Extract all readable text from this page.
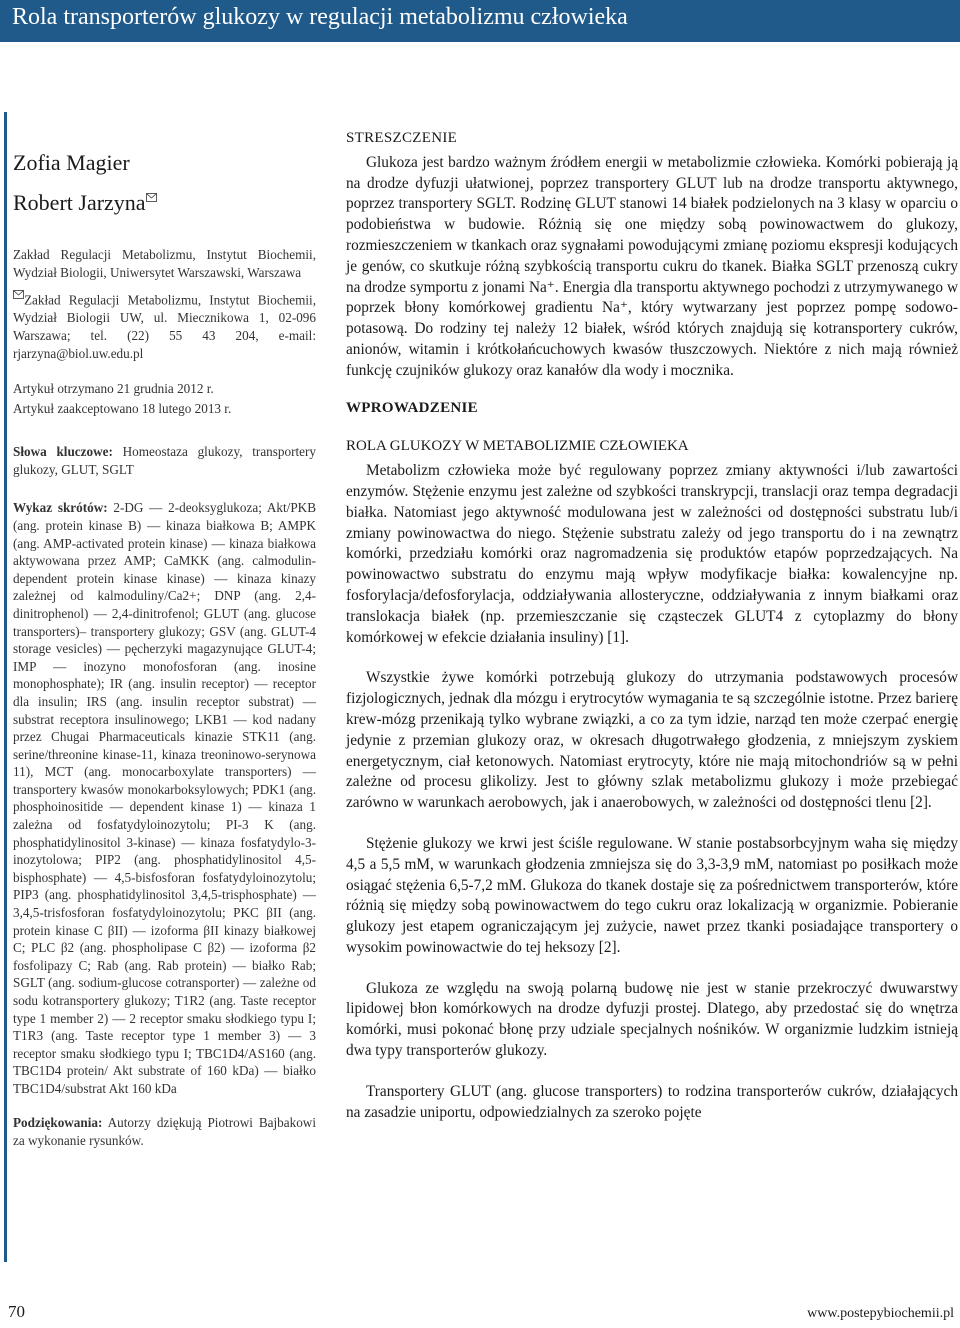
Rola transporterów glukozy w regulacji metabolizmu człowieka
Zofia Magier
Robert Jarzyna
Zakład Regulacji Metabolizmu, Instytut Biochemii, Wydział Biologii, Uniwersytet Warszawski, Warszawa
Zakład Regulacji Metabolizmu, Instytut Biochemii, Wydział Biologii UW, ul. Miecznikowa 1, 02-096 Warszawa; tel. (22) 55 43 204, e-mail: rjarzyna@biol.uw.edu.pl
Artykuł otrzymano 21 grudnia 2012 r.
Artykuł zaakceptowano 18 lutego 2013 r.
Słowa kluczowe: Homeostaza glukozy, transportery glukozy, GLUT, SGLT
Wykaz skrótów: 2-DG — 2-deoksyglukoza; Akt/PKB (ang. protein kinase B) — kinaza białkowa B; AMPK (ang. AMP-activated protein kinase) — kinaza białkowa aktywowana przez AMP; CaMKK (ang. calmodulin-dependent protein kinase kinase) — kinaza kinazy zależnej od kalmoduliny/Ca2+; DNP (ang. 2,4-dinitrophenol) — 2,4-dinitrofenol; GLUT (ang. glucose transporters)– transportery glukozy; GSV (ang. GLUT-4 storage vesicles) — pęcherzyki magazynujące GLUT-4; IMP — inozyno monofosforan (ang. inosine monophosphate); IR (ang. insulin receptor) — receptor dla insulin; IRS (ang. insulin receptor substrat) — substrat receptora insulinowego; LKB1 — kod nadany przez Chugai Pharmaceuticals kinazie STK11 (ang. serine/threonine kinase-11, kinaza treoninowo-serynowa 11), MCT (ang. monocarboxylate transporters) — transportery kwasów monokarboksylowych; PDK1 (ang. phosphoinositide — dependent kinase 1) — kinaza 1 zależna od fosfatydyloinozytolu; PI-3 K (ang. phosphatidylinositol 3-kinase) — kinaza fosfatydylo-3-inozytolowa; PIP2 (ang. phosphatidylinositol 4,5-bisphosphate) — 4,5-bisfosforan fosfatydyloinozytolu; PIP3 (ang. phosphatidylinositol 3,4,5-trisphosphate) — 3,4,5-trisfosforan fosfatydyloinozytolu; PKC βII (ang. protein kinase C βII) — izoforma βII kinazy białkowej C; PLC β2 (ang. phospholipase C β2) — izoforma β2 fosfolipazy C; Rab (ang. Rab protein) — białko Rab; SGLT (ang. sodium-glucose cotransporter) — zależne od sodu kotransportery glukozy; T1R2 (ang. Taste receptor type 1 member 2) — 2 receptor smaku słodkiego typu I; T1R3 (ang. Taste receptor type 1 member 3) — 3 receptor smaku słodkiego typu I; TBC1D4/AS160 (ang. TBC1D4 protein/ Akt substrate of 160 kDa) — białko TBC1D4/substrat Akt 160 kDa
Podziękowania: Autorzy dziękują Piotrowi Bajbakowi za wykonanie rysunków.
STRESZCZENIE

Glukoza jest bardzo ważnym źródłem energii w metabolizmie człowieka. Komórki pobierają ją na drodze dyfuzji ułatwionej, poprzez transportery GLUT lub na drodze transportu aktywnego, poprzez transportery SGLT. Rodzinę GLUT stanowi 14 białek podzielonych na 3 klasy w oparciu o podobieństwa w budowie. Różnią się one między sobą powinowactwem do glukozy, rozmieszczeniem w tkankach oraz sygnałami powodującymi zmianę poziomu ekspresji kodujących je genów, co skutkuje różną szybkością transportu cukru do tkanek. Białka SGLT przenoszą cukry na drodze symportu z jonami Na⁺. Energia dla transportu aktywnego pochodzi z utrzymywanego w poprzek błony komórkowej gradientu Na⁺, który wytwarzany jest poprzez pompę sodowo-potasową. Do rodziny tej należy 12 białek, wśród których znajdują się kotransportery cukrów, anionów, witamin i krótkołańcuchowych kwasów tłuszczowych. Niektóre z nich mają również funkcję czujników glukozy oraz kanałów dla wody i mocznika.

WPROWADZENIE
ROLA GLUKOZY W METABOLIZMIE CZŁOWIEKA

Metabolizm człowieka może być regulowany poprzez zmiany aktywności i/lub zawartości enzymów. Stężenie enzymu jest zależne od szybkości transkrypcji, translacji oraz tempa degradacji białka. Natomiast jego aktywność modulowana jest w zależności od dostępności substratu lub/i zmiany powinowactwa do niego. Stężenie substratu zależy od jego transportu do i na zewnątrz komórki, przedziału komórki oraz nagromadzenia się produktów etapów poprzedzających. Na powinowactwo substratu do enzymu mają wpływ modyfikacje białka: kowalencyjne np. fosforylacja/defosforylacja, oddziaływania allosteryczne, oddziaływania z innym białkami oraz translokacja białek (np. przemieszczanie się cząsteczek GLUT4 z cytoplazmy do błony komórkowej w efekcie działania insuliny) [1].

Wszystkie żywe komórki potrzebują glukozy do utrzymania podstawowych procesów fizjologicznych, jednak dla mózgu i erytrocytów wymagania te są szczególnie istotne. Przez barierę krew-mózg przenikają tylko wybrane związki, a co za tym idzie, narząd ten może czerpać energię jedynie z przemian glukozy oraz, w okresach długotrwałego głodzenia, z mniejszym zyskiem energetycznym, ciał ketonowych. Natomiast erytrocyty, które nie mają mitochondriów są w pełni zależne od procesu glikolizy. Jest to główny szlak metabolizmu glukozy i może przebiegać zarówno w warunkach aerobowych, jak i anaerobowych, w zależności od dostępności tlenu [2].

Stężenie glukozy we krwi jest ściśle regulowane. W stanie postabsorbcyjnym waha się między 4,5 a 5,5 mM, w warunkach głodzenia zmniejsza się do 3,3-3,9 mM, natomiast po posiłkach może osiągać stężenia 6,5-7,2 mM. Glukoza do tkanek dostaje się za pośrednictwem transporterów, które różnią się między sobą powinowactwem do tego cukru oraz lokalizacją w organizmie. Pobieranie glukozy jest etapem ograniczającym jej zużycie, nawet przez tkanki posiadające transportery o wysokim powinowactwie do tej heksozy [2].

Glukoza ze względu na swoją polarną budowę nie jest w stanie przekroczyć dwuwarstwy lipidowej błon komórkowych na drodze dyfuzji prostej. Dlatego, aby przedostać się do wnętrza komórki, musi pokonać błonę przy udziale specjalnych nośników. W organizmie ludzkim istnieją dwa typy transporterów glukozy.

Transportery GLUT (ang. glucose transporters) to rodzina transporterów cukrów, działających na zasadzie uniportu, odpowiedzialnych za szeroko pojęte

70	www.postepybiochemii.pl
